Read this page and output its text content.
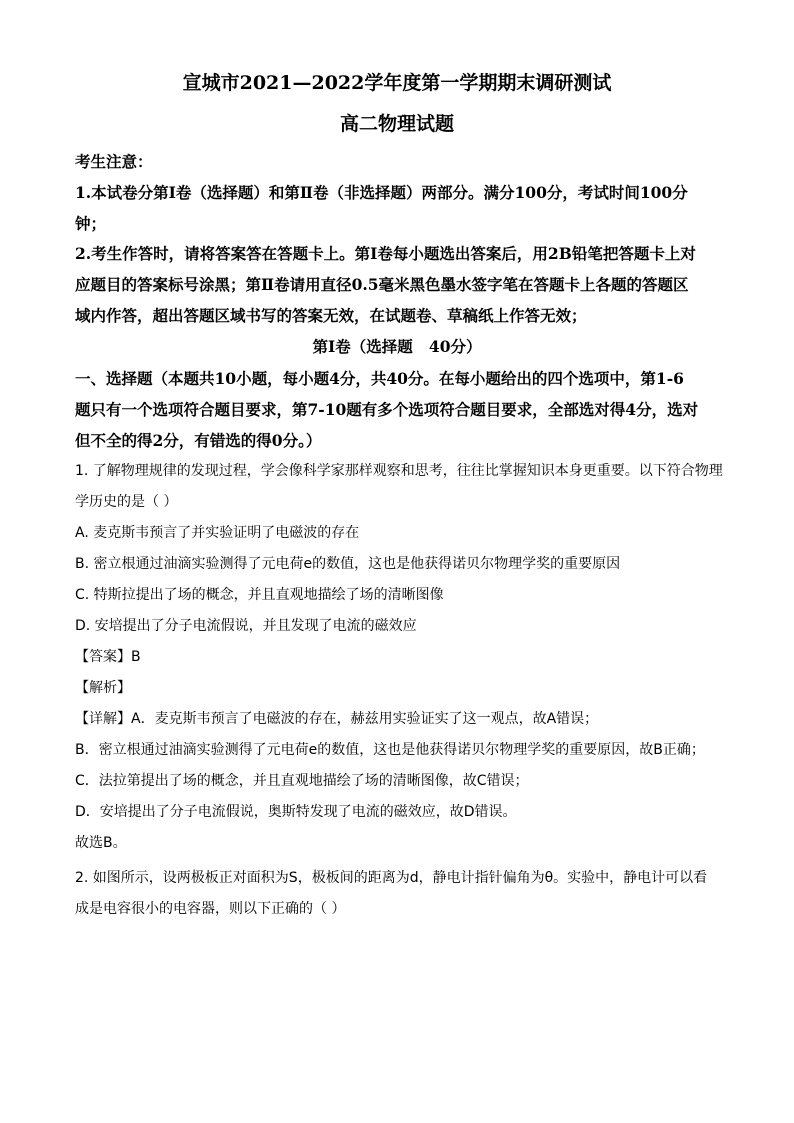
宣城市2021—2022学年度第一学期期末调研测试
高二物理试题
考生注意：
1.本试卷分第Ⅰ卷（选择题）和第Ⅱ卷（非选择题）两部分。满分100分，考试时间100分
钟；
2.考生作答时，请将答案答在答题卡上。第Ⅰ卷每小题选出答案后，用2B铅笔把答题卡上对
应题目的答案标号涂黑；第Ⅱ卷请用直径0.5毫米黑色墨水签字笔在答题卡上各题的答题区
域内作答，超出答题区域书写的答案无效，在试题卷、草稿纸上作答无效；
第Ⅰ卷（选择题   40分）
一、选择题（本题共10小题，每小题4分，共40分。在每小题给出的四个选项中，第1-6
题只有一个选项符合题目要求，第7-10题有多个选项符合题目要求，全部选对得4分，选对
但不全的得2分，有错选的得0分。）
1. 了解物理规律的发现过程，学会像科学家那样观察和思考，往往比掌握知识本身更重要。以下符合物理
学历史的是（ ）
A. 麦克斯韦预言了并实验证明了电磁波的存在
B. 密立根通过油滴实验测得了元电荷e的数值，这也是他获得诺贝尔物理学奖的重要原因
C. 特斯拉提出了场的概念，并且直观地描绘了场的清晰图像
D. 安培提出了分子电流假说，并且发现了电流的磁效应
【答案】B
【解析】
【详解】A．麦克斯韦预言了电磁波的存在，赫兹用实验证实了这一观点，故A错误；
B．密立根通过油滴实验测得了元电荷e的数值，这也是他获得诺贝尔物理学奖的重要原因，故B正确；
C．法拉第提出了场的概念，并且直观地描绘了场的清晰图像，故C错误；
D．安培提出了分子电流假说，奥斯特发现了电流的磁效应，故D错误。
故选B。
2. 如图所示，设两极板正对面积为S，极板间的距离为d，静电计指针偏角为θ。实验中，静电计可以看
成是电容很小的电容器，则以下正确的（ ）
